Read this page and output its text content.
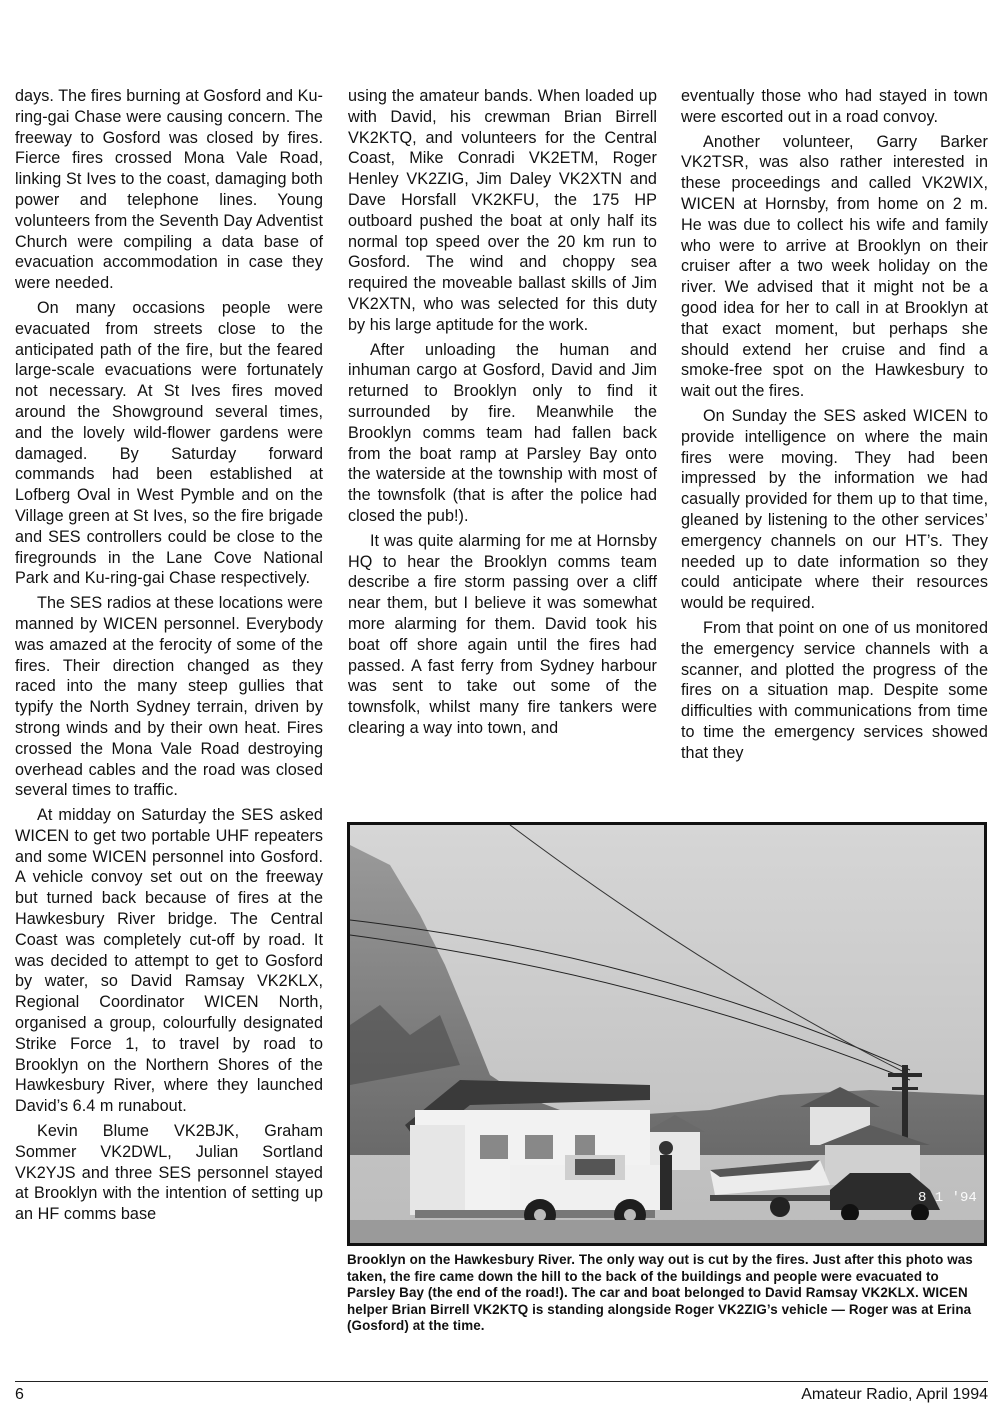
days. The fires burning at Gosford and Ku-ring-gai Chase were causing concern. The freeway to Gosford was closed by fires. Fierce fires crossed Mona Vale Road, linking St Ives to the coast, damaging both power and telephone lines. Young volunteers from the Seventh Day Adventist Church were compiling a data base of evacuation accommodation in case they were needed.

On many occasions people were evacuated from streets close to the anticipated path of the fire, but the feared large-scale evacuations were fortunately not necessary. At St Ives fires moved around the Showground several times, and the lovely wild-flower gardens were damaged. By Saturday forward commands had been established at Lofberg Oval in West Pymble and on the Village green at St Ives, so the fire brigade and SES controllers could be close to the firegrounds in the Lane Cove National Park and Ku-ring-gai Chase respectively.

The SES radios at these locations were manned by WICEN personnel. Everybody was amazed at the ferocity of some of the fires. Their direction changed as they raced into the many steep gullies that typify the North Sydney terrain, driven by strong winds and by their own heat. Fires crossed the Mona Vale Road destroying overhead cables and the road was closed several times to traffic.

At midday on Saturday the SES asked WICEN to get two portable UHF repeaters and some WICEN personnel into Gosford. A vehicle convoy set out on the freeway but turned back because of fires at the Hawkesbury River bridge. The Central Coast was completely cut-off by road. It was decided to attempt to get to Gosford by water, so David Ramsay VK2KLX, Regional Coordinator WICEN North, organised a group, colourfully designated Strike Force 1, to travel by road to Brooklyn on the Northern Shores of the Hawkesbury River, where they launched David’s 6.4 m runabout.

Kevin Blume VK2BJK, Graham Sommer VK2DWL, Julian Sortland VK2YJS and three SES personnel stayed at Brooklyn with the intention of setting up an HF comms base

using the amateur bands. When loaded up with David, his crewman Brian Birrell VK2KTQ, and volunteers for the Central Coast, Mike Conradi VK2ETM, Roger Henley VK2ZIG, Jim Daley VK2XTN and Dave Horsfall VK2KFU, the 175 HP outboard pushed the boat at only half its normal top speed over the 20 km run to Gosford. The wind and choppy sea required the moveable ballast skills of Jim VK2XTN, who was selected for this duty by his large aptitude for the work.

After unloading the human and inhuman cargo at Gosford, David and Jim returned to Brooklyn only to find it surrounded by fire. Meanwhile the Brooklyn comms team had fallen back from the boat ramp at Parsley Bay onto the waterside at the township with most of the townsfolk (that is after the police had closed the pub!).

It was quite alarming for me at Hornsby HQ to hear the Brooklyn comms team describe a fire storm passing over a cliff near them, but I believe it was somewhat more alarming for them. David took his boat off shore again until the fires had passed. A fast ferry from Sydney harbour was sent to take out some of the townsfolk, whilst many fire tankers were clearing a way into town, and

eventually those who had stayed in town were escorted out in a road convoy.

Another volunteer, Garry Barker VK2TSR, was also rather interested in these proceedings and called VK2WIX, WICEN at Hornsby, from home on 2 m. He was due to collect his wife and family who were to arrive at Brooklyn on their cruiser after a two week holiday on the river. We advised that it might not be a good idea for her to call in at Brooklyn at that exact moment, but perhaps she should extend her cruise and find a smoke-free spot on the Hawkesbury to wait out the fires.

On Sunday the SES asked WICEN to provide intelligence on where the main fires were moving. They had been impressed by the information we had casually provided for them up to that time, gleaned by listening to the other services’ emergency channels on our HT’s. They needed up to date information so they could anticipate where their resources would be required.

From that point on one of us monitored the emergency service channels with a scanner, and plotted the progress of the fires on a situation map. Despite some difficulties with communications from time to time the emergency services showed that they

8 1 '94
Brooklyn on the Hawkesbury River. The only way out is cut by the fires. Just after this photo was taken, the fire came down the hill to the back of the buildings and people were evacuated to Parsley Bay (the end of the road!). The car and boat belonged to David Ramsay VK2KLX. WICEN helper Brian Birrell VK2KTQ is standing alongside Roger VK2ZIG’s vehicle — Roger was at Erina (Gosford) at the time.
6	Amateur Radio, April 1994
